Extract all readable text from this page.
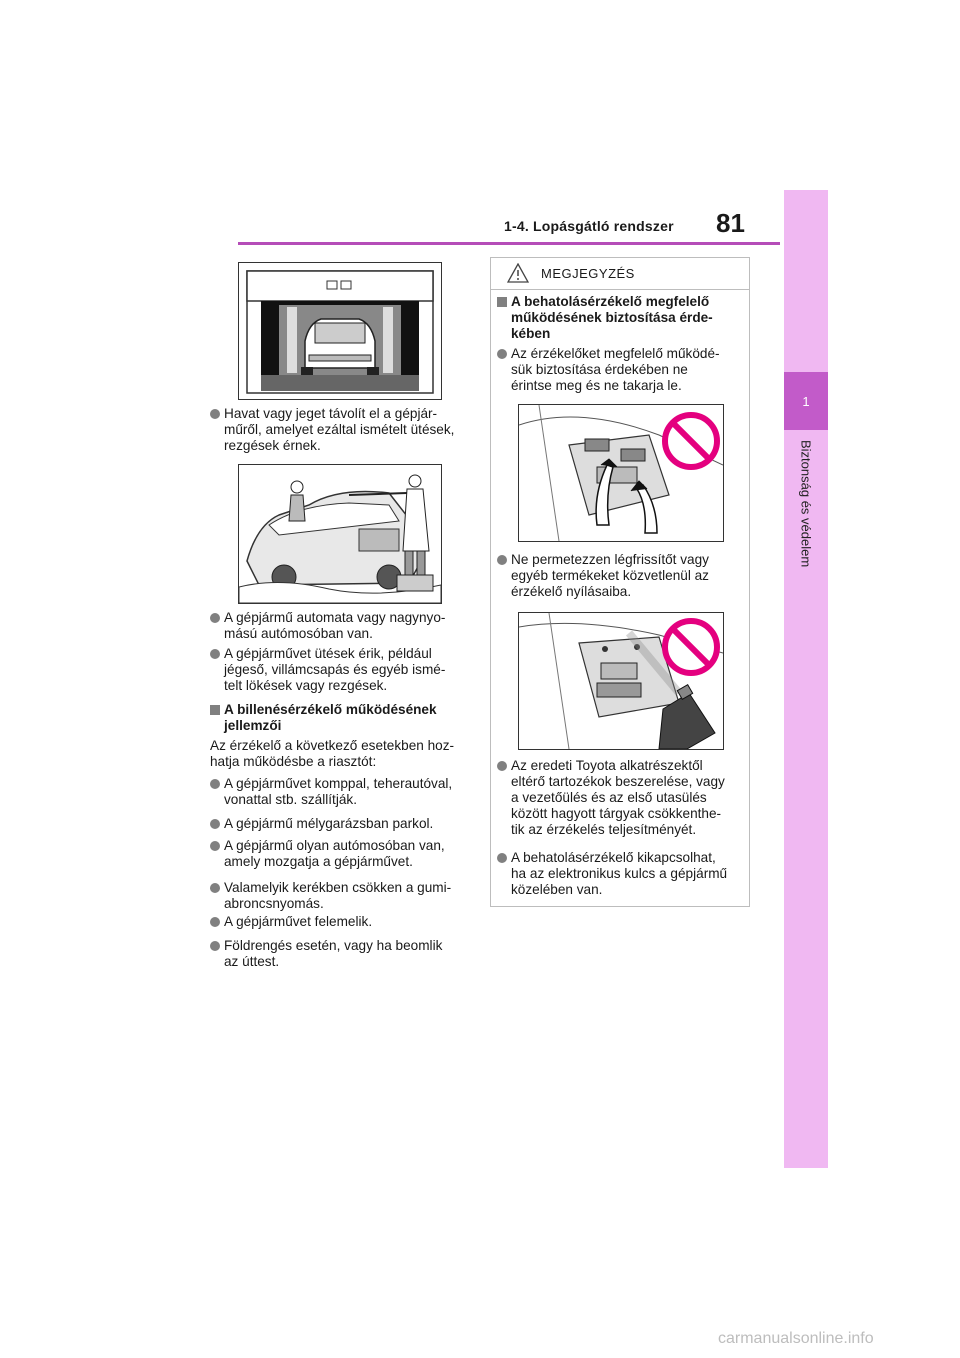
1-4. Lopásgátló rendszer 81
1
Biztonság és védelem
Havat vagy jeget távolít el a gépjár-
műről, amelyet ezáltal ismételt ütések,
rezgések érnek.
A gépjármű automata vagy nagynyo-
mású autómosóban van.
A gépjárművet ütések érik, például
jégeső, villámcsapás és egyéb ismé-
telt lökések vagy rezgések.
A billenésérzékelő működésének
jellemzői
Az érzékelő a következő esetekben hoz-
hatja működésbe a riasztót:
A gépjárművet komppal, teherautóval,
vonattal stb. szállítják.
A gépjármű mélygarázsban parkol.
A gépjármű olyan autómosóban van,
amely mozgatja a gépjárművet.
Valamelyik kerékben csökken a gumi-
abroncsnyomás.
A gépjárművet felemelik.
Földrengés esetén, vagy ha beomlik
az úttest.
MEGJEGYZÉS
A behatolásérzékelő megfelelő
működésének biztosítása érde-
kében
Az érzékelőket megfelelő működé-
sük biztosítása érdekében ne
érintse meg és ne takarja le.
Ne permetezzen légfrissítőt vagy
egyéb termékeket közvetlenül az
érzékelő nyílásaiba.
Az eredeti Toyota alkatrészektől
eltérő tartozékok beszerelése, vagy
a vezetőülés és az első utasülés
között hagyott tárgyak csökkenthe-
tik az érzékelés teljesítményét.
A behatolásérzékelő kikapcsolhat,
ha az elektronikus kulcs a gépjármű
közelében van.
carmanualsonline.info
